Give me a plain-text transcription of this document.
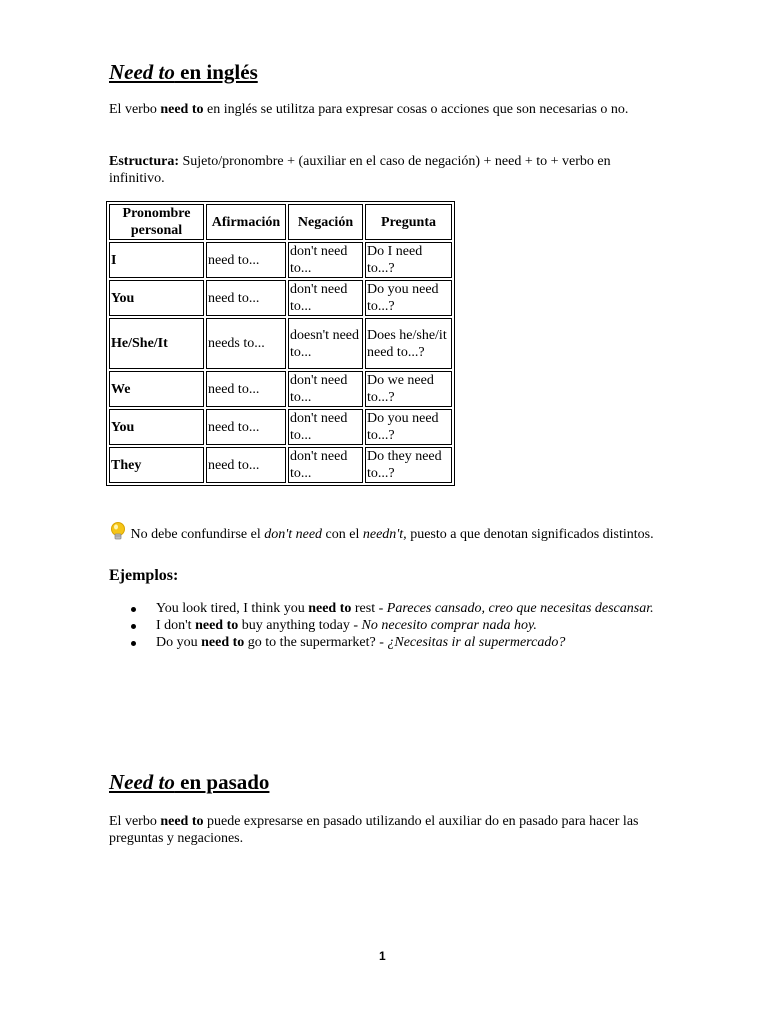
Need to en inglés

El verbo need to en inglés se utilitza para expresar cosas o acciones que son necesarias o no.

Estructura: Sujeto/pronombre + (auxiliar en el caso de negación) + need + to + verbo en infinitivo.

Pronombre personal	Afirmación	Negación	Pregunta
I	need to...	don't need to...	Do I need to...?
You	need to...	don't need to...	Do you need to...?
He/She/It	needs to...	doesn't need to...	Does he/she/it need to...?
We	need to...	don't need to...	Do we need to...?
You	need to...	don't need to...	Do you need to...?
They	need to...	don't need to...	Do they need to...?

No debe confundirse el don't need con el needn't, puesto a que denotan significados distintos.

Ejemplos:
You look tired, I think you need to rest - Pareces cansado, creo que necesitas descansar.
I don't need to buy anything today - No necesito comprar nada hoy.
Do you need to go to the supermarket? - ¿Necesitas ir al supermercado?
Need to en pasado

El verbo need to puede expresarse en pasado utilizando el auxiliar do en pasado para hacer las preguntas y negaciones.

1
